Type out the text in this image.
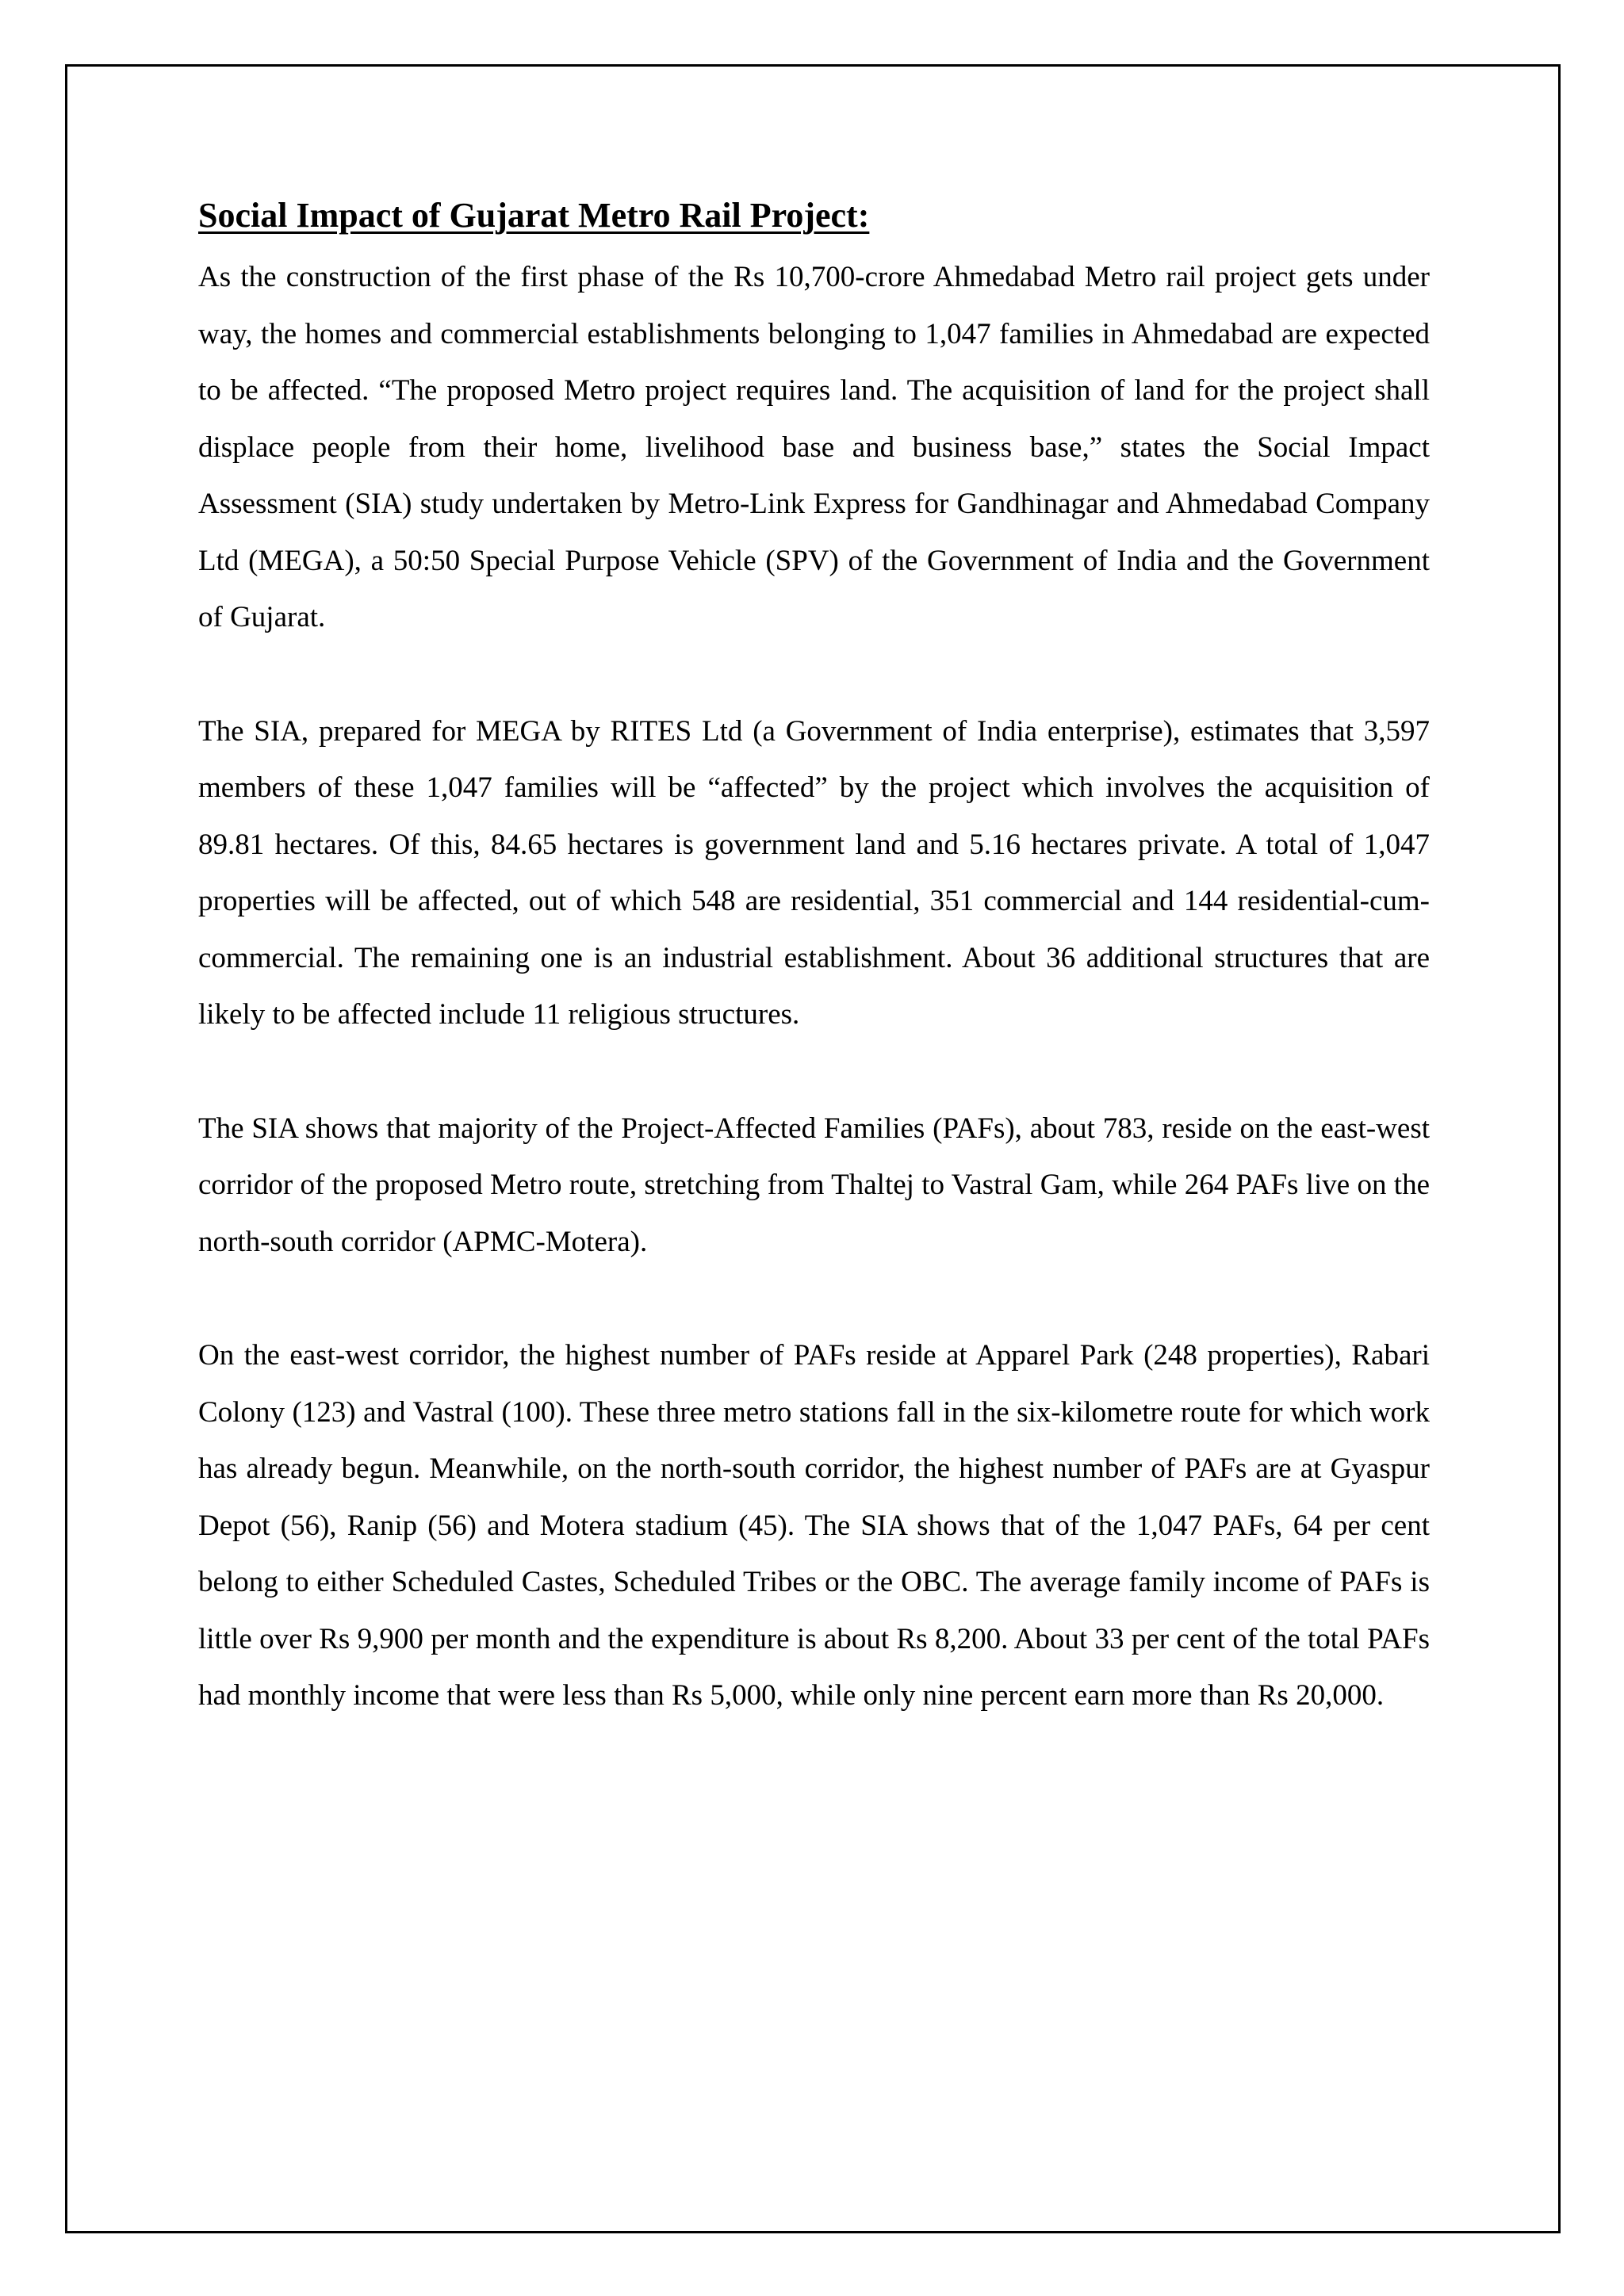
Social Impact of Gujarat Metro Rail Project:

As the construction of the first phase of the Rs 10,700-crore Ahmedabad Metro rail project gets under way, the homes and commercial establishments belonging to 1,047 families in Ahmedabad are expected to be affected. “The proposed Metro project requires land. The acquisition of land for the project shall displace people from their home, livelihood base and business base,” states the Social Impact Assessment (SIA) study undertaken by Metro-Link Express for Gandhinagar and Ahmedabad Company Ltd (MEGA), a 50:50 Special Purpose Vehicle (SPV) of the Government of India and the Government of Gujarat.

The SIA, prepared for MEGA by RITES Ltd (a Government of India enterprise), estimates that 3,597 members of these 1,047 families will be “affected” by the project which involves the acquisition of 89.81 hectares. Of this, 84.65 hectares is government land and 5.16 hectares private. A total of 1,047 properties will be affected, out of which 548 are residential, 351 commercial and 144 residential-cum-commercial. The remaining one is an industrial establishment. About 36 additional structures that are likely to be affected include 11 religious structures.

The SIA shows that majority of the Project-Affected Families (PAFs), about 783, reside on the east-west corridor of the proposed Metro route, stretching from Thaltej to Vastral Gam, while 264 PAFs live on the north-south corridor (APMC-Motera).

On the east-west corridor, the highest number of PAFs reside at Apparel Park (248 properties), Rabari Colony (123) and Vastral (100). These three metro stations fall in the six-kilometre route for which work has already begun. Meanwhile, on the north-south corridor, the highest number of PAFs are at Gyaspur Depot (56), Ranip (56) and Motera stadium (45). The SIA shows that of the 1,047 PAFs, 64 per cent belong to either Scheduled Castes, Scheduled Tribes or the OBC. The average family income of PAFs is little over Rs 9,900 per month and the expenditure is about Rs 8,200. About 33 per cent of the total PAFs had monthly income that were less than Rs 5,000, while only nine percent earn more than Rs 20,000.
